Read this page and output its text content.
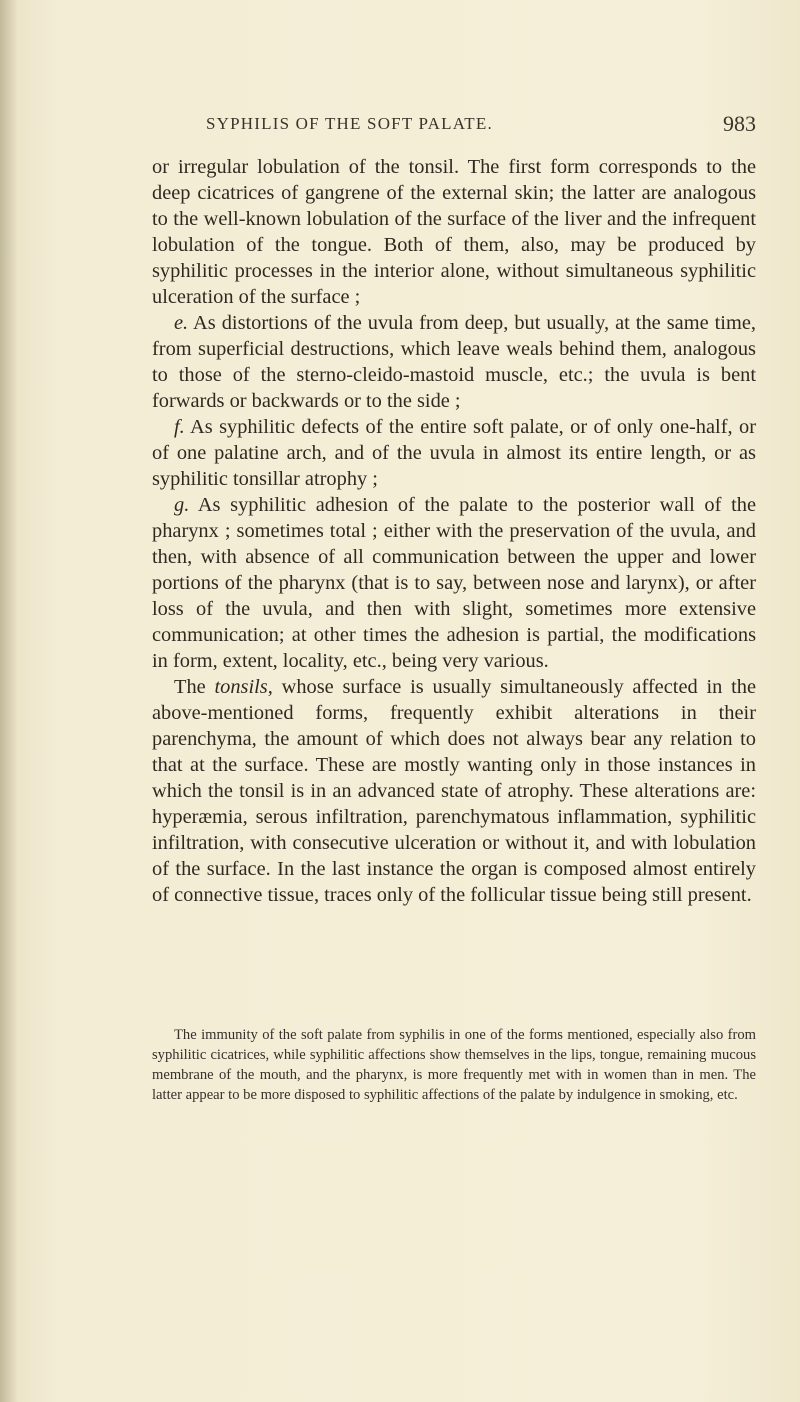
SYPHILIS OF THE SOFT PALATE.	983

or irregular lobulation of the tonsil. The first form corresponds to the deep cicatrices of gangrene of the external skin; the latter are analogous to the well-known lobulation of the surface of the liver and the infrequent lobulation of the tongue. Both of them, also, may be produced by syphilitic processes in the interior alone, without simultaneous syphilitic ulceration of the surface ;

e. As distortions of the uvula from deep, but usually, at the same time, from superficial destructions, which leave weals behind them, analogous to those of the sterno-cleido-mastoid muscle, etc.; the uvula is bent forwards or backwards or to the side ;

f. As syphilitic defects of the entire soft palate, or of only one-half, or of one palatine arch, and of the uvula in almost its entire length, or as syphilitic tonsillar atrophy ;

g. As syphilitic adhesion of the palate to the posterior wall of the pharynx ; sometimes total ; either with the preservation of the uvula, and then, with absence of all communication between the upper and lower portions of the pharynx (that is to say, between nose and larynx), or after loss of the uvula, and then with slight, sometimes more extensive communication; at other times the adhesion is partial, the modifications in form, extent, locality, etc., being very various.

The tonsils, whose surface is usually simultaneously affected in the above-mentioned forms, frequently exhibit alterations in their parenchyma, the amount of which does not always bear any relation to that at the surface. These are mostly wanting only in those instances in which the tonsil is in an advanced state of atrophy. These alterations are: hyperæmia, serous infiltration, parenchymatous inflammation, syphilitic infiltration, with consecutive ulceration or without it, and with lobulation of the surface. In the last instance the organ is composed almost entirely of connective tissue, traces only of the follicular tissue being still present.

The immunity of the soft palate from syphilis in one of the forms mentioned, especially also from syphilitic cicatrices, while syphilitic affections show themselves in the lips, tongue, remaining mucous membrane of the mouth, and the pharynx, is more frequently met with in women than in men. The latter appear to be more disposed to syphilitic affections of the palate by indulgence in smoking, etc.
